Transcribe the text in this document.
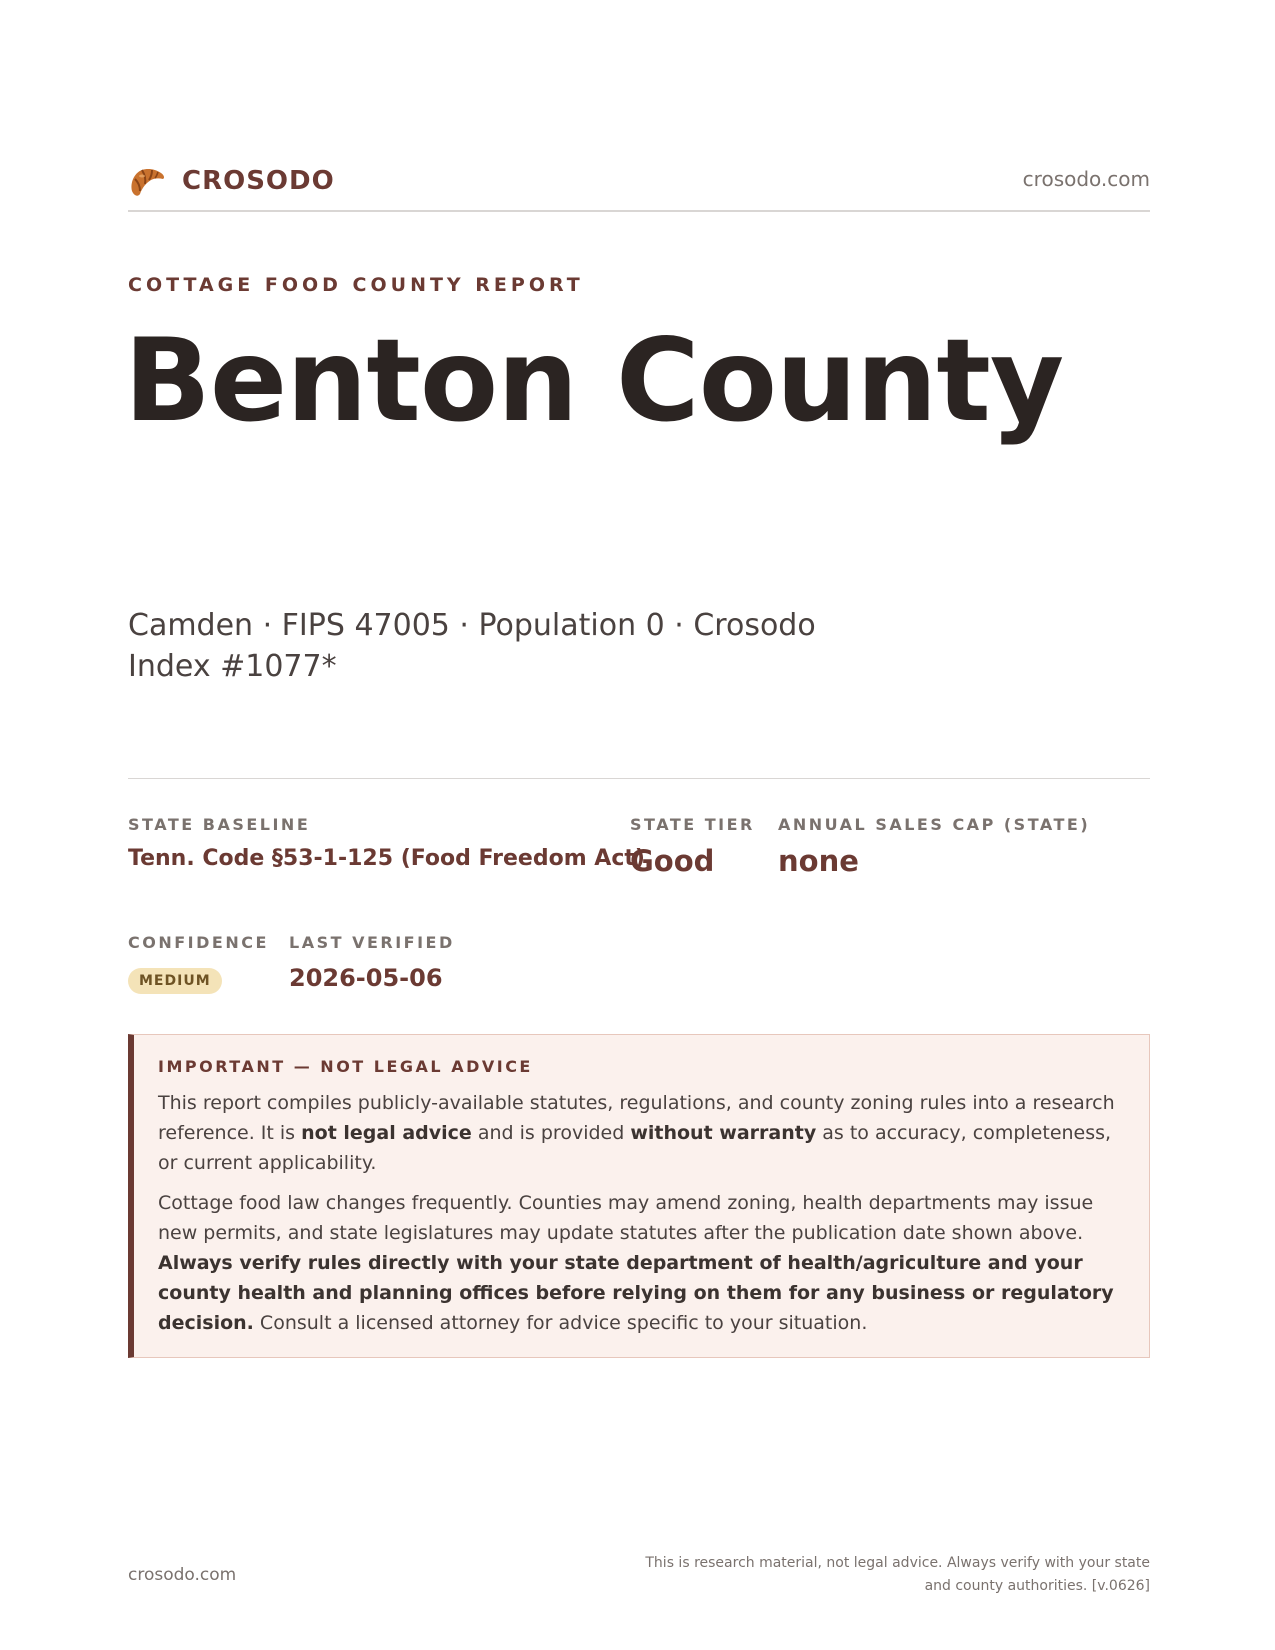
CROSODO	crosodo.com
COTTAGE FOOD COUNTY REPORT
Benton County
Camden · FIPS 47005 · Population 0 · Crosodo Index #1077*
STATE BASELINE
Tenn. Code §53-1-125 (Food Freedom Act)
STATE TIER
Good
ANNUAL SALES CAP (STATE)
none
CONFIDENCE
MEDIUM
LAST VERIFIED
2026-05-06
IMPORTANT — NOT LEGAL ADVICE

This report compiles publicly-available statutes, regulations, and county zoning rules into a research reference. It is not legal advice and is provided without warranty as to accuracy, completeness, or current applicability.

Cottage food law changes frequently. Counties may amend zoning, health departments may issue new permits, and state legislatures may update statutes after the publication date shown above. Always verify rules directly with your state department of health/agriculture and your county health and planning offices before relying on them for any business or regulatory decision. Consult a licensed attorney for advice specific to your situation.

crosodo.com
This is research material, not legal advice. Always verify with your state and county authorities. [v.0626]
